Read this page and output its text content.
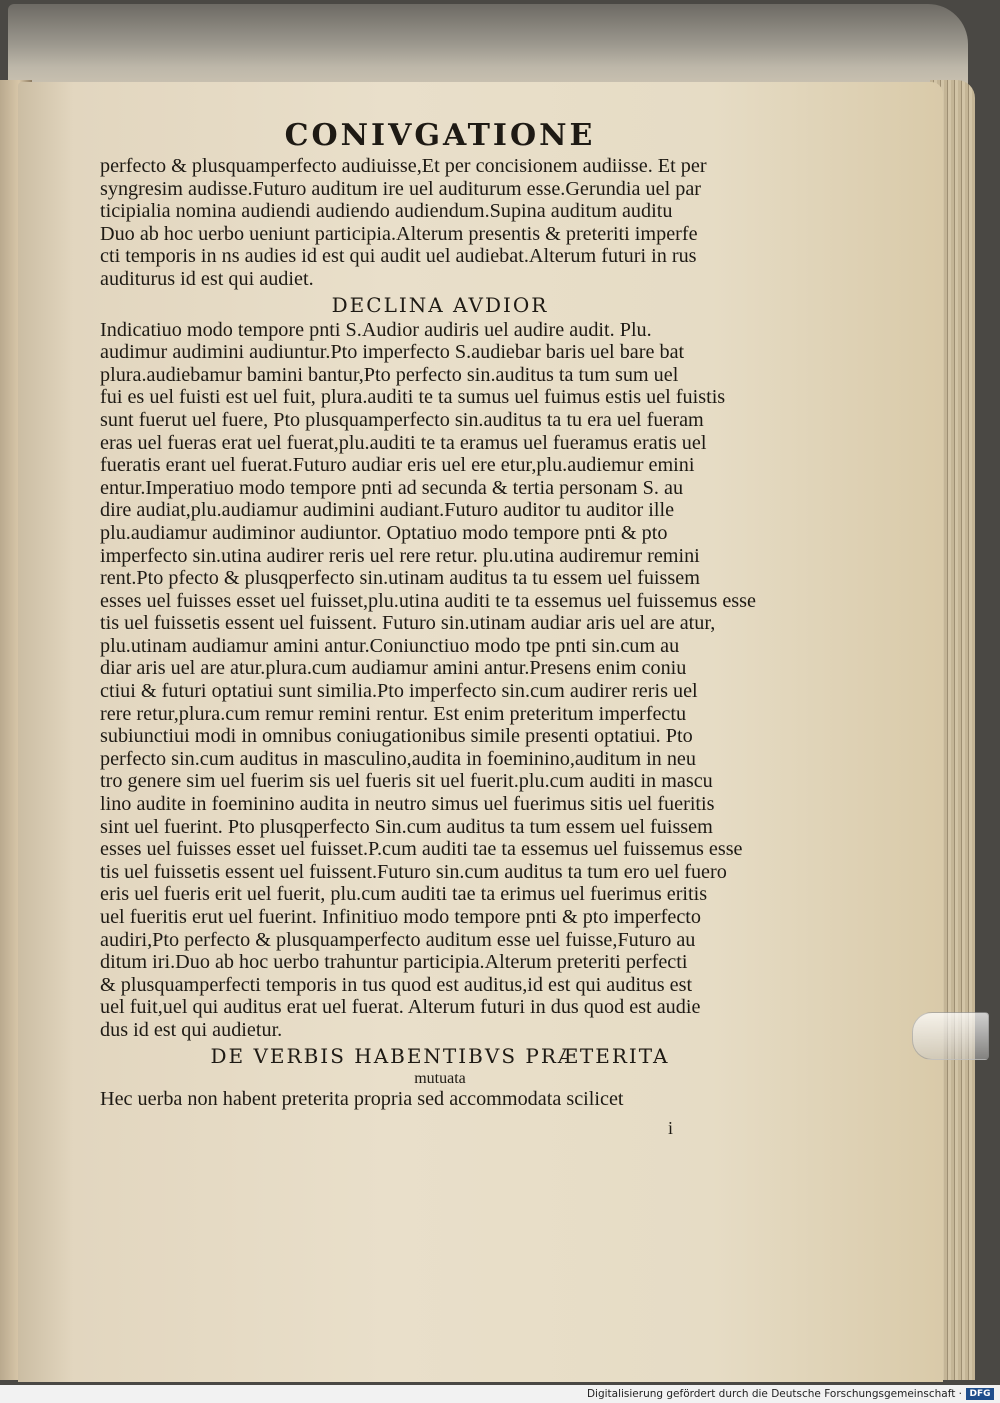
CONIVGATIONE
perfecto & plusquamperfecto audiuisse,Et per concisionem audiisse. Et per
syngresim audisse.Futuro auditum ire uel auditurum esse.Gerundia uel par
ticipialia nomina audiendi audiendo audiendum.Supina auditum auditu
Duo ab hoc uerbo ueniunt participia.Alterum presentis & preteriti imperfe
cti temporis in ns audies id est qui audit uel audiebat.Alterum futuri in rus
auditurus id est qui audiet.
DECLINA AVDIOR
Indicatiuo modo tempore pnti S.Audior audiris uel audire audit. Plu.
audimur audimini audiuntur.Pto imperfecto S.audiebar baris uel bare bat
plura.audiebamur bamini bantur,Pto perfecto sin.auditus ta tum sum uel
fui es uel fuisti est uel fuit, plura.auditi te ta sumus uel fuimus estis uel fuistis
sunt fuerut uel fuere, Pto plusquamperfecto sin.auditus ta tu era uel fueram
eras uel fueras erat uel fuerat,plu.auditi te ta eramus uel fueramus eratis uel
fueratis erant uel fuerat.Futuro audiar eris uel ere etur,plu.audiemur emini
entur.Imperatiuo modo tempore pnti ad secunda & tertia personam S. au
dire audiat,plu.audiamur audimini audiant.Futuro auditor tu auditor ille
plu.audiamur audiminor audiuntor. Optatiuo modo tempore pnti & pto
imperfecto sin.utina audirer reris uel rere retur. plu.utina audiremur remini
rent.Pto pfecto & plusqperfecto sin.utinam auditus ta tu essem uel fuissem
esses uel fuisses esset uel fuisset,plu.utina auditi te ta essemus uel fuissemus esse
tis uel fuissetis essent uel fuissent. Futuro sin.utinam audiar aris uel are atur,
plu.utinam audiamur amini antur.Coniunctiuo modo tpe pnti sin.cum au
diar aris uel are atur.plura.cum audiamur amini antur.Presens enim coniu
ctiui & futuri optatiui sunt similia.Pto imperfecto sin.cum audirer reris uel
rere retur,plura.cum remur remini rentur. Est enim preteritum imperfectu
subiunctiui modi in omnibus coniugationibus simile presenti optatiui. Pto
perfecto sin.cum auditus in masculino,audita in foeminino,auditum in neu
tro genere sim uel fuerim sis uel fueris sit uel fuerit.plu.cum auditi in mascu
lino audite in foeminino audita in neutro simus uel fuerimus sitis uel fueritis
sint uel fuerint. Pto plusqperfecto Sin.cum auditus ta tum essem uel fuissem
esses uel fuisses esset uel fuisset.P.cum auditi tae ta essemus uel fuissemus esse
tis uel fuissetis essent uel fuissent.Futuro sin.cum auditus ta tum ero uel fuero
eris uel fueris erit uel fuerit, plu.cum auditi tae ta erimus uel fuerimus eritis
uel fueritis erut uel fuerint. Infinitiuo modo tempore pnti & pto imperfecto
audiri,Pto perfecto & plusquamperfecto auditum esse uel fuisse,Futuro au
ditum iri.Duo ab hoc uerbo trahuntur participia.Alterum preteriti perfecti
& plusquamperfecti temporis in tus quod est auditus,id est qui auditus est
uel fuit,uel qui auditus erat uel fuerat. Alterum futuri in dus quod est audie
dus id est qui audietur.
DE VERBIS HABENTIBVS PRÆTERITA
mutuata
Hec uerba non habent preterita propria sed accommodata scilicet
i
Digitalisierung gefördert durch die Deutsche Forschungsgemeinschaft · DFG
